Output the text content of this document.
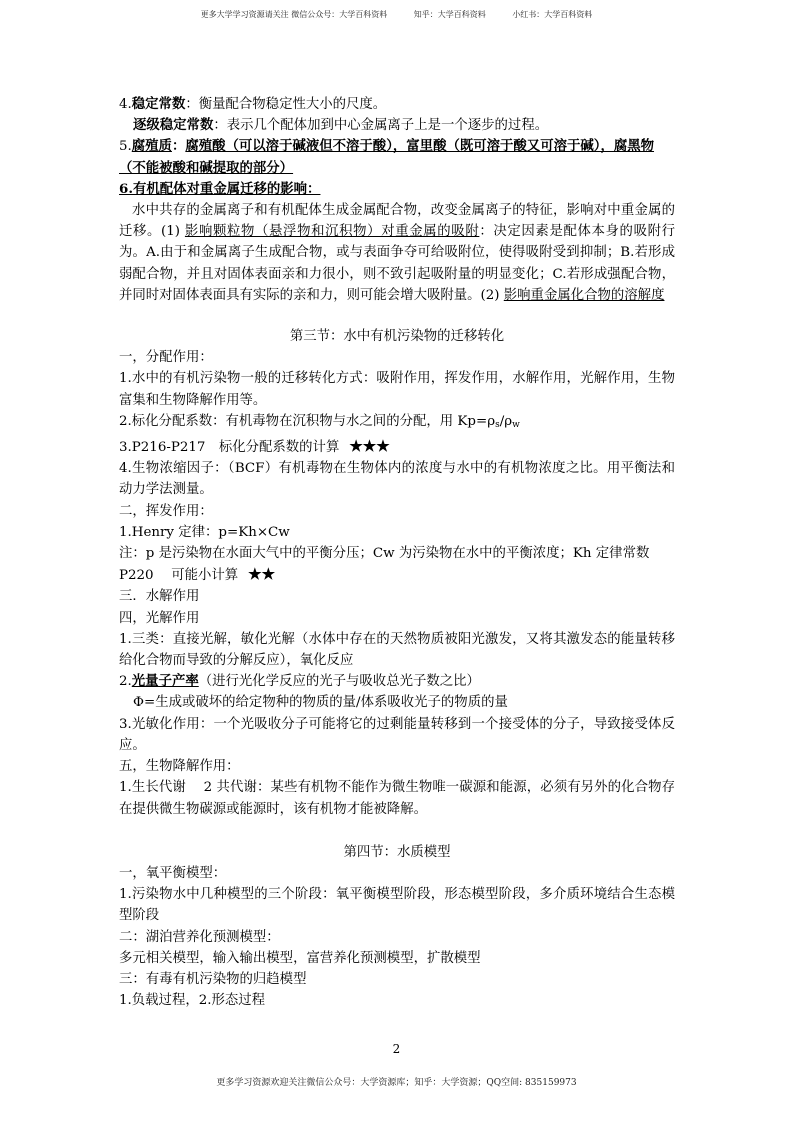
更多大学学习资源请关注 微信公众号：大学百科资料	知乎：大学百科资料	小红书：大学百科资料

4.稳定常数：衡量配合物稳定性大小的尺度。

逐级稳定常数：表示几个配体加到中心金属离子上是一个逐步的过程。

5.腐殖质：腐殖酸（可以溶于碱液但不溶于酸），富里酸（既可溶于酸又可溶于碱），腐黑物（不能被酸和碱提取的部分）

6.有机配体对重金属迁移的影响：

水中共存的金属离子和有机配体生成金属配合物，改变金属离子的特征，影响对中重金属的迁移。(1) 影响颗粒物（悬浮物和沉积物）对重金属的吸附：决定因素是配体本身的吸附行为。A.由于和金属离子生成配合物，或与表面争夺可给吸附位，使得吸附受到抑制；B.若形成弱配合物，并且对固体表面亲和力很小，则不致引起吸附量的明显变化；C.若形成强配合物，并同时对固体表面具有实际的亲和力，则可能会增大吸附量。(2) 影响重金属化合物的溶解度

第三节：水中有机污染物的迁移转化

一，分配作用：

1.水中的有机污染物一般的迁移转化方式：吸附作用，挥发作用，水解作用，光解作用，生物富集和生物降解作用等。

2.标化分配系数：有机毒物在沉积物与水之间的分配，用 $Kp=\rho_s/\rho_w$

3.P216-P217　标化分配系数的计算 ★★★

4.生物浓缩因子：（BCF）有机毒物在生物体内的浓度与水中的有机物浓度之比。用平衡法和动力学法测量。

二，挥发作用：

1.Henry 定律：p=Kh×Cw

注：p 是污染物在水面大气中的平衡分压；Cw 为污染物在水中的平衡浓度；Kh 定律常数

P220　 可能小计算 ★★

三．水解作用

四，光解作用

1.三类：直接光解，敏化光解（水体中存在的天然物质被阳光激发，又将其激发态的能量转移给化合物而导致的分解反应），氧化反应

2.光量子产率（进行光化学反应的光子与吸收总光子数之比）

Φ=生成或破坏的给定物种的物质的量/体系吸收光子的物质的量

3.光敏化作用：一个光吸收分子可能将它的过剩能量转移到一个接受体的分子，导致接受体反应。

五，生物降解作用：

1.生长代谢　 2 共代谢：某些有机物不能作为微生物唯一碳源和能源，必须有另外的化合物存在提供微生物碳源或能源时，该有机物才能被降解。

第四节：水质模型

一，氧平衡模型：

1.污染物水中几种模型的三个阶段：氧平衡模型阶段，形态模型阶段，多介质环境结合生态模型阶段

二：湖泊营养化预测模型：

多元相关模型，输入输出模型，富营养化预测模型，扩散模型

三：有毒有机污染物的归趋模型

1.负载过程，2.形态过程

2
更多学习资源欢迎关注微信公众号：大学资源库；知乎：大学资源；QQ空间: 835159973
